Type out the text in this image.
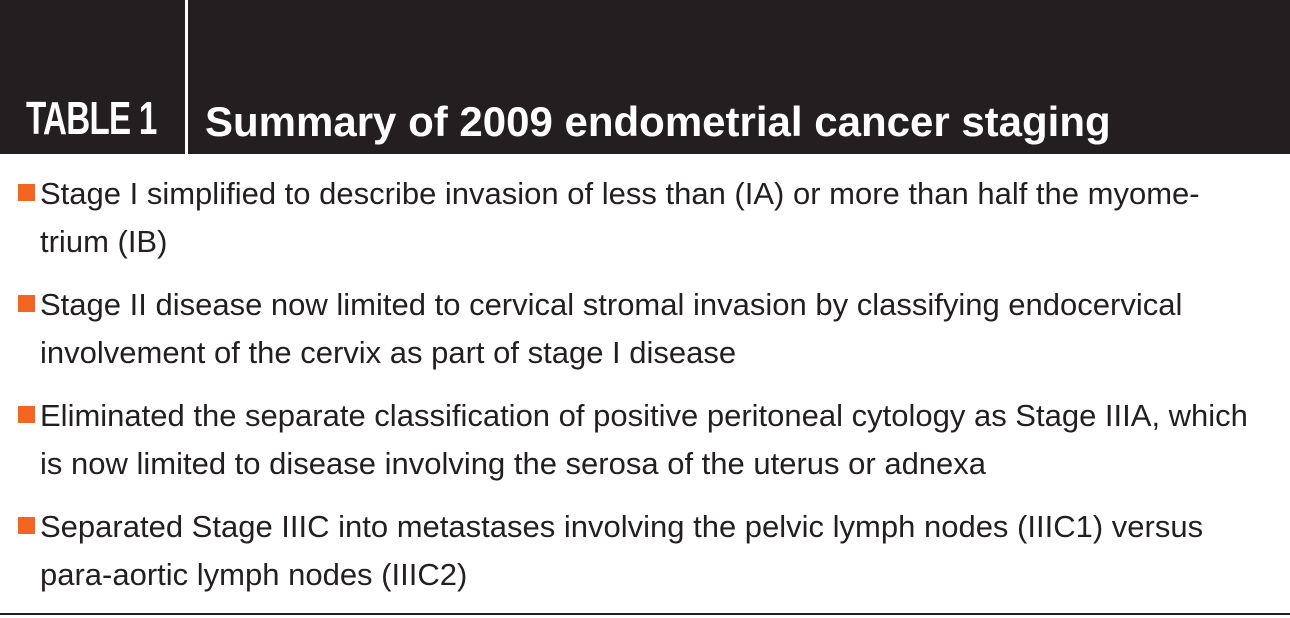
TABLE 1 Summary of 2009 endometrial cancer staging
Stage I simplified to describe invasion of less than (IA) or more than half the myome-trium (IB)
Stage II disease now limited to cervical stromal invasion by classifying endocervical involvement of the cervix as part of stage I disease
Eliminated the separate classification of positive peritoneal cytology as Stage IIIA, which is now limited to disease involving the serosa of the uterus or adnexa
Separated Stage IIIC into metastases involving the pelvic lymph nodes (IIIC1) versus para-aortic lymph nodes (IIIC2)
